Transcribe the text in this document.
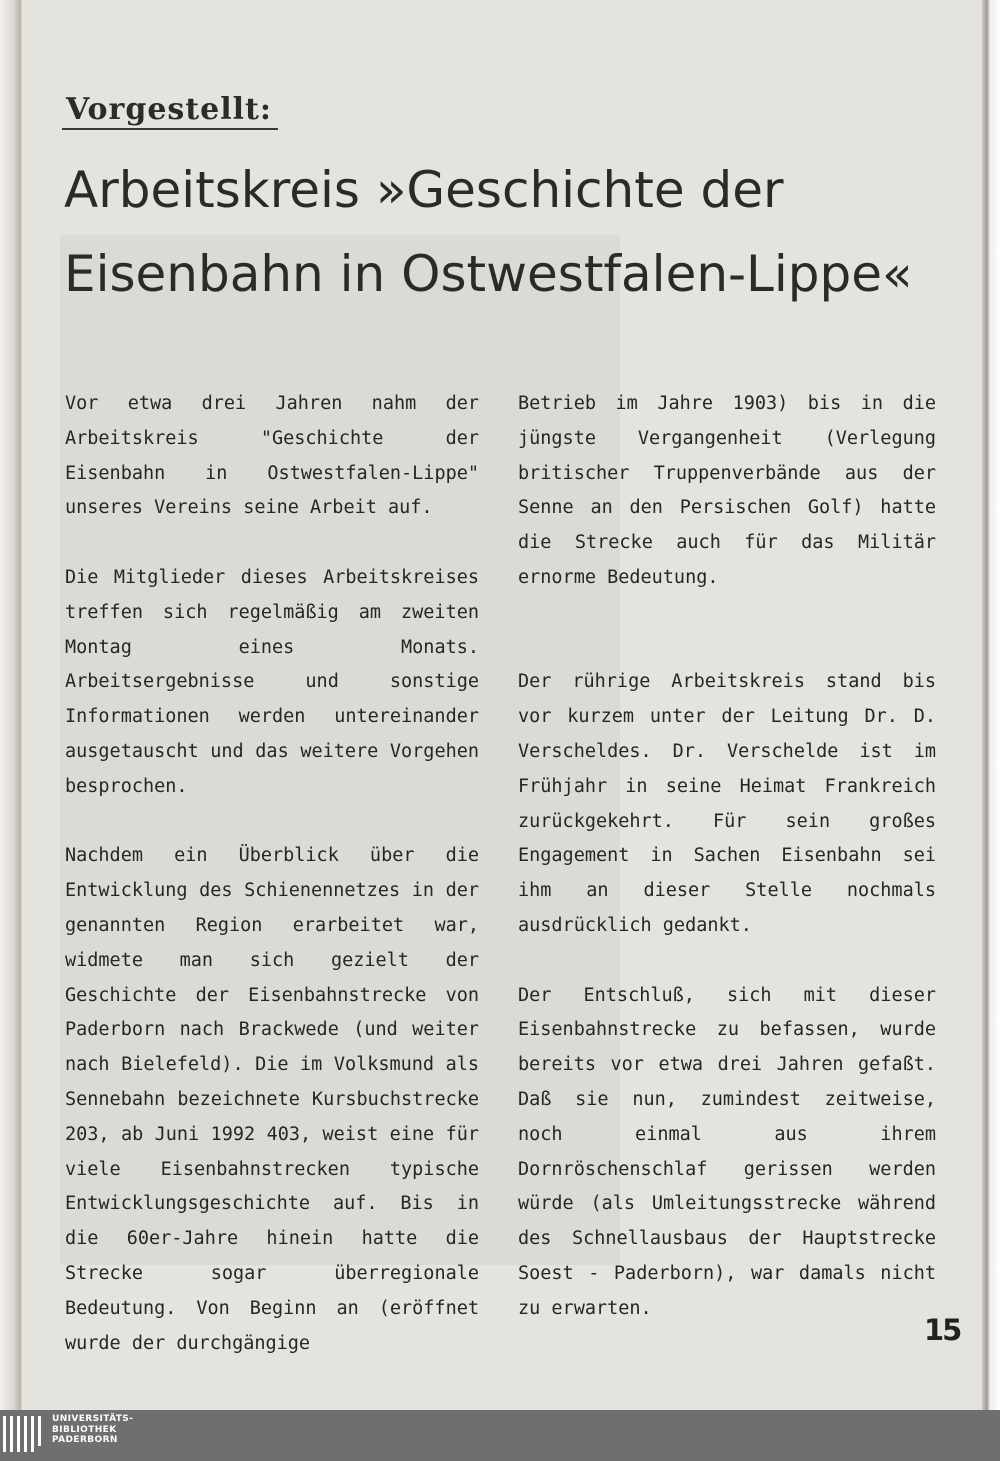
Vorgestellt:
Arbeitskreis »Geschichte der
Eisenbahn in Ostwestfalen-Lippe«

Vor etwa drei Jahren nahm der Arbeitskreis "Geschichte der Eisenbahn in Ostwestfalen-Lippe" unseres Vereins seine Arbeit auf.

Die Mitglieder dieses Arbeitskreises treffen sich regelmäßig am zweiten Montag eines Monats. Arbeitsergebnisse und sonstige Informationen werden untereinander ausgetauscht und das weitere Vorgehen besprochen.

Nachdem ein Überblick über die Entwicklung des Schienennetzes in der genannten Region erarbeitet war, widmete man sich gezielt der Geschichte der Eisenbahnstrecke von Paderborn nach Brackwede (und weiter nach Bielefeld). Die im Volksmund als Sennebahn bezeichnete Kursbuchstrecke 203, ab Juni 1992 403, weist eine für viele Eisenbahnstrecken typische Entwicklungsgeschichte auf. Bis in die 60er-Jahre hinein hatte die Strecke sogar überregionale Bedeutung. Von Beginn an (eröffnet wurde der durchgängige

Betrieb im Jahre 1903) bis in die jüngste Vergangenheit (Verlegung britischer Truppenverbände aus der Senne an den Persischen Golf) hatte die Strecke auch für das Militär ernorme Bedeutung.

Der rührige Arbeitskreis stand bis vor kurzem unter der Leitung Dr. D. Verscheldes. Dr. Verschelde ist im Frühjahr in seine Heimat Frankreich zurückgekehrt. Für sein großes Engagement in Sachen Eisenbahn sei ihm an dieser Stelle nochmals ausdrücklich gedankt.

Der Entschluß, sich mit dieser Eisenbahnstrecke zu befassen, wurde bereits vor etwa drei Jahren gefaßt. Daß sie nun, zumindest zeitweise, noch einmal aus ihrem Dornröschenschlaf gerissen werden würde (als Umleitungsstrecke während des Schnellausbaus der Hauptstrecke Soest - Paderborn), war damals nicht zu erwarten.

15
UNIVERSITÄTS-
BIBLIOTHEK
PADERBORN
